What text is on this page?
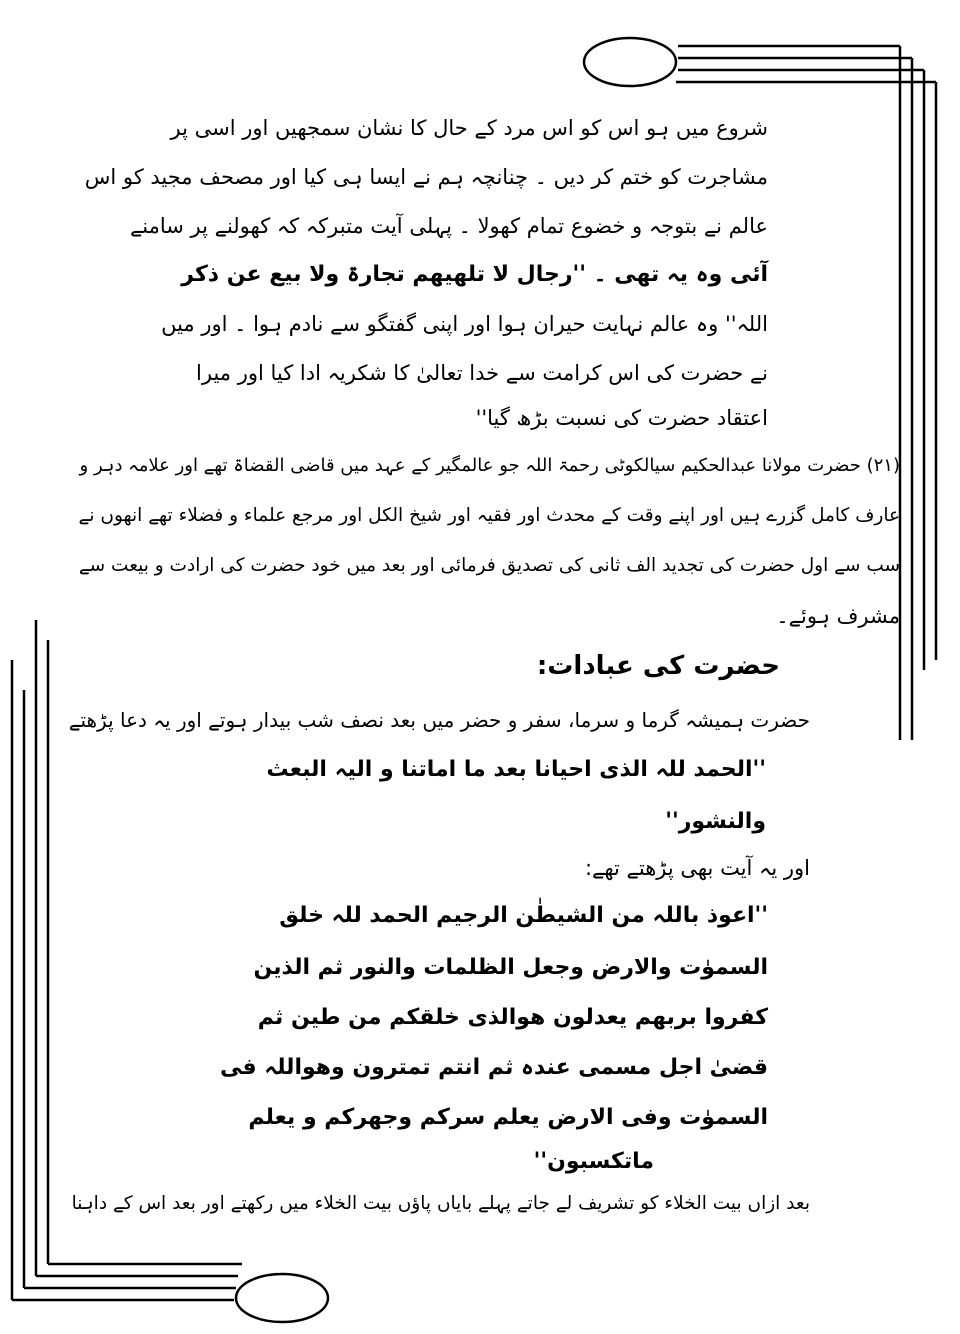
شروع میں ہو اس کو اس مرد کے حال کا نشان سمجھیں اور اسی پر

مشاجرت کو ختم کر دیں ۔ چنانچہ ہم نے ایسا ہی کیا اور مصحف مجید کو اس

عالم نے بتوجہ و خضوع تمام کھولا ۔ پہلی آیت متبرکہ کہ کھولنے پر سامنے

آئی وہ یہ تھی ۔ ''رجال لا تلھیھم تجارۃ ولا بیع عن ذکر

اللہ'' وہ عالم نہایت حیران ہوا اور اپنی گفتگو سے نادم ہوا ۔ اور میں

نے حضرت کی اس کرامت سے خدا تعالیٰ کا شکریہ ادا کیا اور میرا

اعتقاد حضرت کی نسبت بڑھ گیا''

(۲۱) حضرت مولانا عبدالحکیم سیالکوٹی رحمۃ اللہ جو عالمگیر کے عہد میں قاضی القضاۃ تھے اور علامہ دہر و

عارف کامل گزرے ہیں اور اپنے وقت کے محدث اور فقیہ اور شیخ الکل اور مرجع علماء و فضلاء تھے انھوں نے

سب سے اول حضرت کی تجدید الف ثانی کی تصدیق فرمائی اور بعد میں خود حضرت کی ارادت و بیعت سے

مشرف ہوئے۔

حضرت کی عبادات:

حضرت ہمیشہ گرما و سرما، سفر و حضر میں بعد نصف شب بیدار ہوتے اور یہ دعا پڑھتے

''الحمد للہ الذی احیانا بعد ما اماتنا و الیہ البعث

والنشور''

اور یہ آیت بھی پڑھتے تھے:

''اعوذ باللہ من الشیطٰن الرجیم الحمد للہ خلق

السموٰت والارض وجعل الظلمات والنور ثم الذین

کفروا بربھم یعدلون ھوالذی خلقکم من طین ثم

قضیٰ اجل مسمی عندہ ثم انتم تمترون وھواللہ فی

السموٰت وفی الارض یعلم سرکم وجھرکم و یعلم

ماتکسبون''

بعد ازاں بیت الخلاء کو تشریف لے جاتے پہلے بایاں پاؤں بیت الخلاء میں رکھتے اور بعد اس کے داہنا
